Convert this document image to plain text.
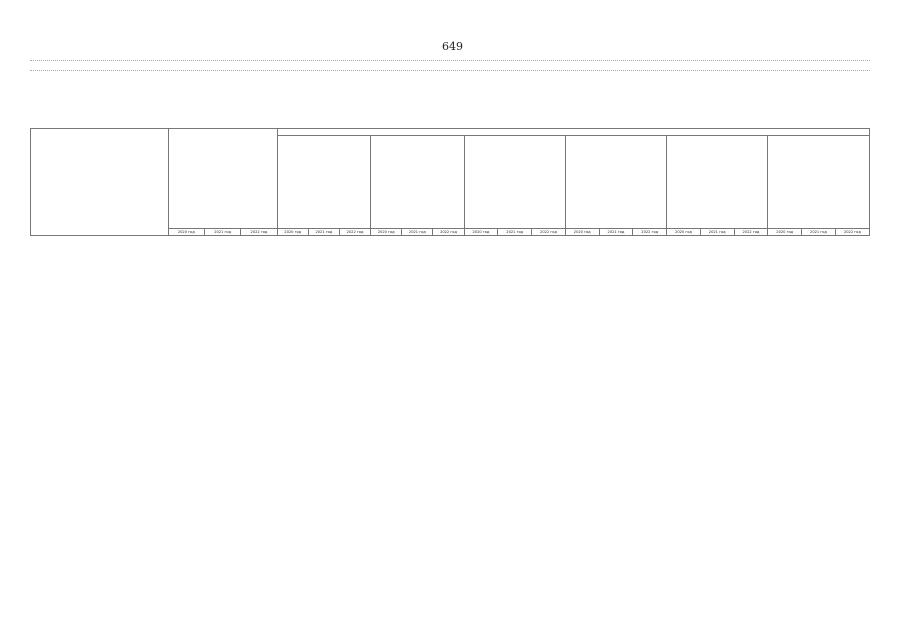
649

	2020 год	2021 год	2022 год	2020 год	2021 год	2022 год	2020 год	2021 год	2022 год	2020 год	2021 год	2022 год	2020 год	2021 год	2022 год	2020 год	2021 год	2022 год	2020 год	2021 год	2022 год
